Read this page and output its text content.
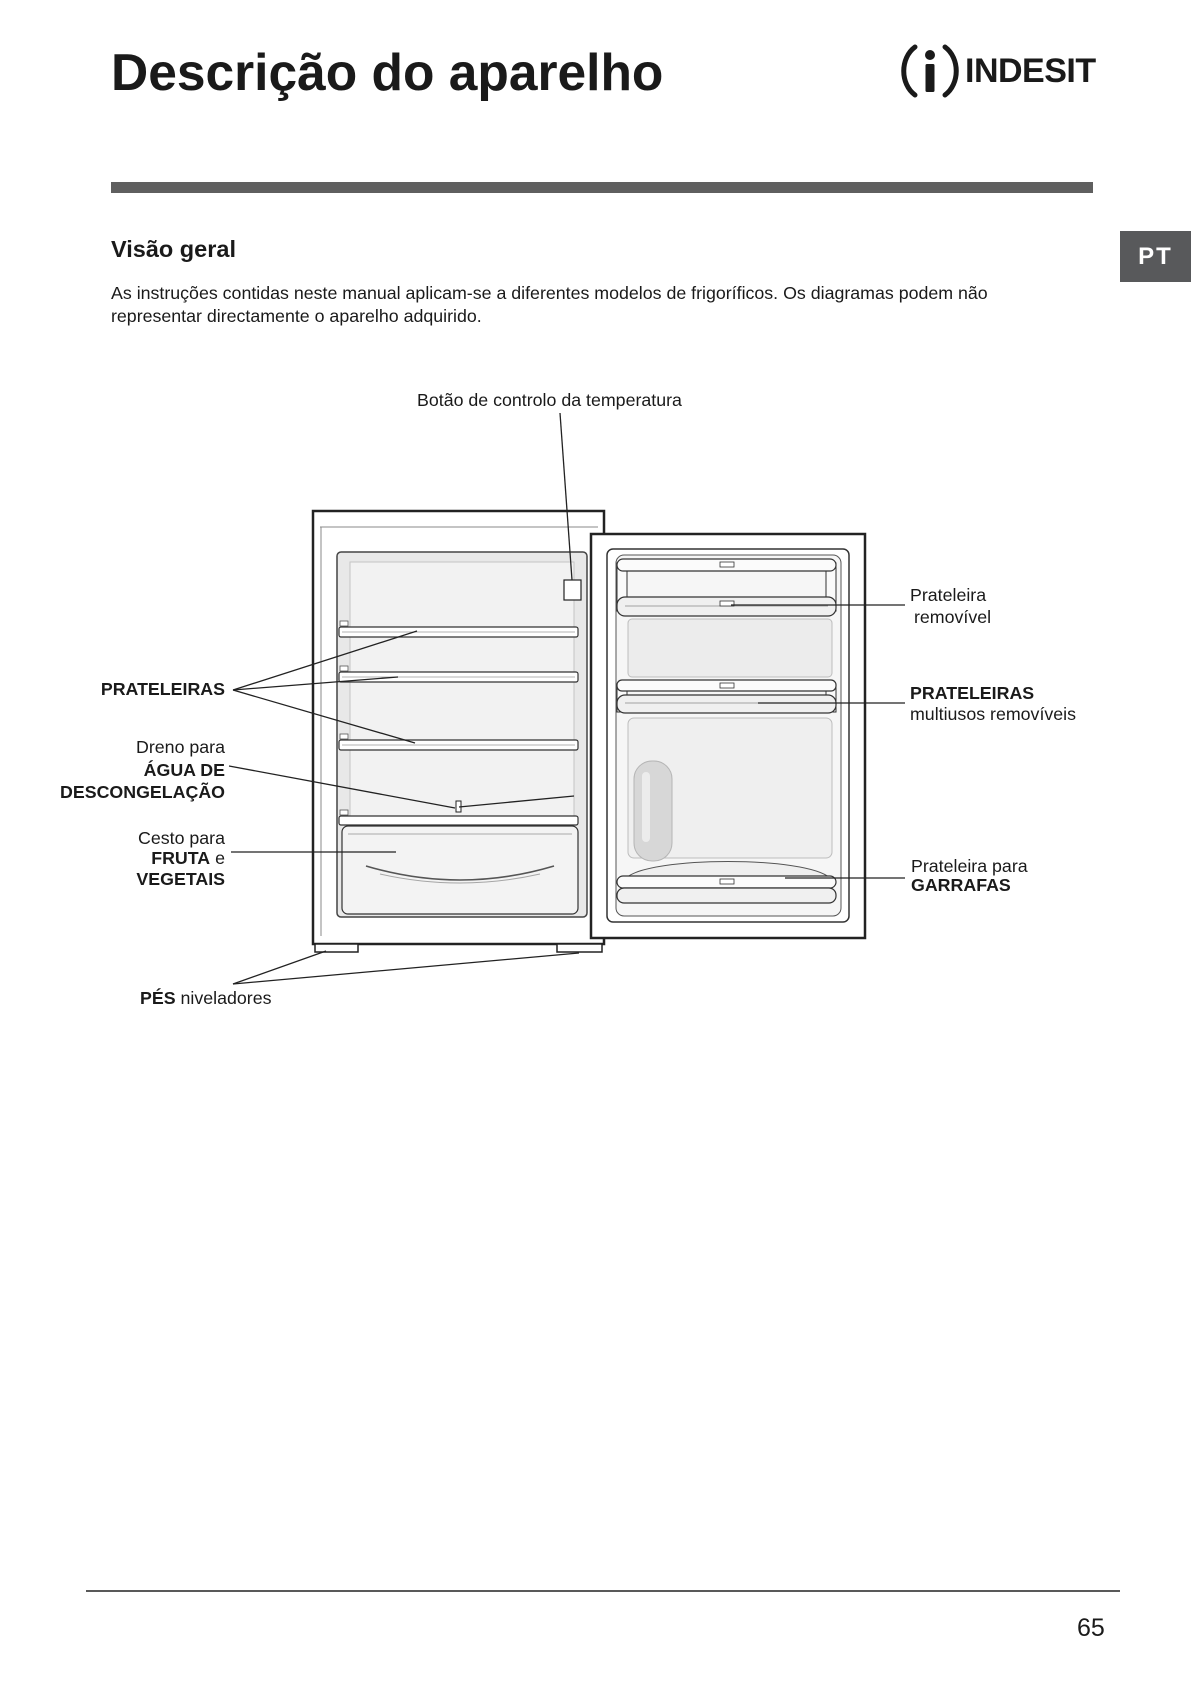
Descrição do aparelho	INDESIT
PT
Visão geral
As instruções contidas neste manual aplicam-se a diferentes modelos de frigoríficos. Os diagramas podem não
representar directamente o aparelho adquirido.
Botão de controlo da temperatura
PRATELEIRAS
Dreno para
ÁGUA DE
DESCONGELAÇÃO
Cesto para
FRUTA e
VEGETAIS
PÉS niveladores
Prateleira
removível
PRATELEIRAS
multiusos removíveis
Prateleira para
GARRAFAS
65
